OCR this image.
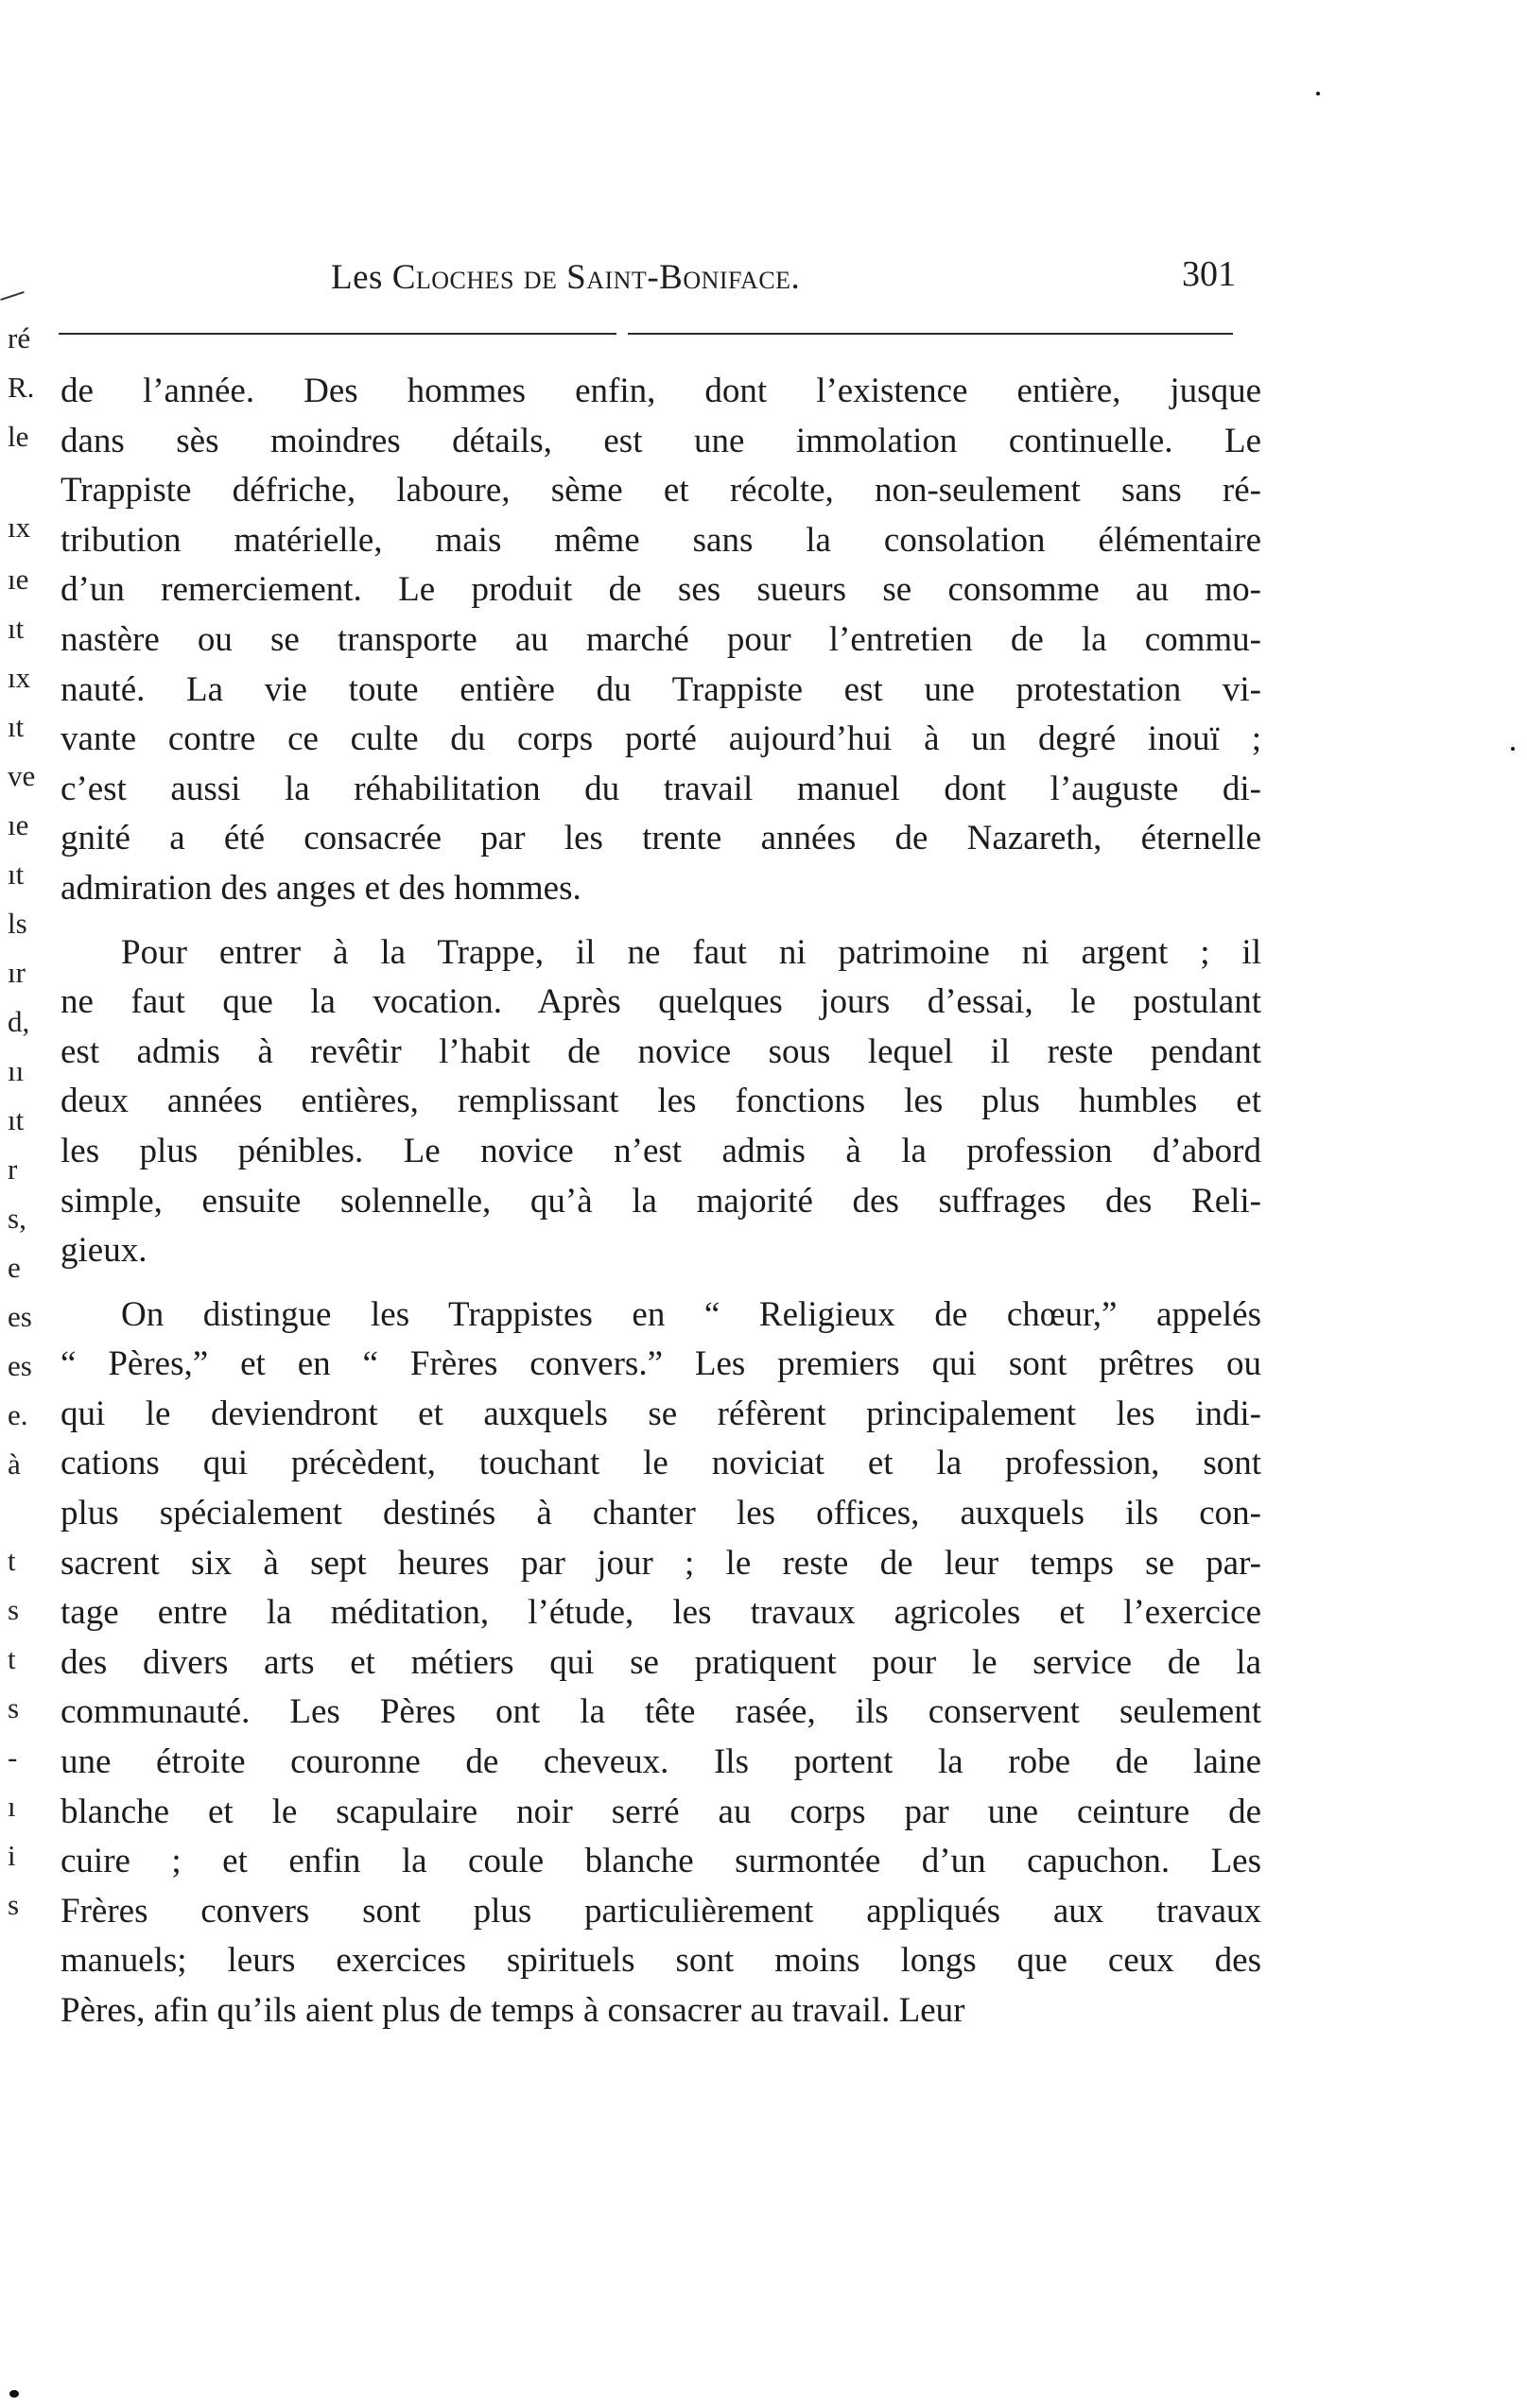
ré
R.
le
ıx
ıe
ıt
ıx
ıt
ve
ıe
ıt
ls
ır
d,
ıı
ıt
r
s,
e
es
es
e.
à
t
s
t
s
-
ı
i
s
Les Cloches de Saint-Boniface.	301

de l’année. Des hommes enfin, dont l’existence entière, jusque
dans sès moindres détails, est une immolation continuelle. Le
Trappiste défriche, laboure, sème et récolte, non-seulement sans ré-
tribution matérielle, mais même sans la consolation élémentaire
d’un remerciement. Le produit de ses sueurs se consomme au mo-
nastère ou se transporte au marché pour l’entretien de la commu-
nauté. La vie toute entière du Trappiste est une protestation vi-
vante contre ce culte du corps porté aujourd’hui à un degré inouï ;
c’est aussi la réhabilitation du travail manuel dont l’auguste di-
gnité a été consacrée par les trente années de Nazareth, éternelle
admiration des anges et des hommes.

Pour entrer à la Trappe, il ne faut ni patrimoine ni argent ; il
ne faut que la vocation. Après quelques jours d’essai, le postulant
est admis à revêtir l’habit de novice sous lequel il reste pendant
deux années entières, remplissant les fonctions les plus humbles et
les plus pénibles. Le novice n’est admis à la profession d’abord
simple, ensuite solennelle, qu’à la majorité des suffrages des Reli-
gieux.

On distingue les Trappistes en “ Religieux de chœur,” appelés
“ Pères,” et en “ Frères convers.” Les premiers qui sont prêtres ou
qui le deviendront et auxquels se réfèrent principalement les indi-
cations qui précèdent, touchant le noviciat et la profession, sont
plus spécialement destinés à chanter les offices, auxquels ils con-
sacrent six à sept heures par jour ; le reste de leur temps se par-
tage entre la méditation, l’étude, les travaux agricoles et l’exercice
des divers arts et métiers qui se pratiquent pour le service de la
communauté. Les Pères ont la tête rasée, ils conservent seulement
une étroite couronne de cheveux. Ils portent la robe de laine
blanche et le scapulaire noir serré au corps par une ceinture de
cuire ; et enfin la coule blanche surmontée d’un capuchon. Les
Frères convers sont plus particulièrement appliqués aux travaux
manuels; leurs exercices spirituels sont moins longs que ceux des
Pères, afin qu’ils aient plus de temps à consacrer au travail. Leur
